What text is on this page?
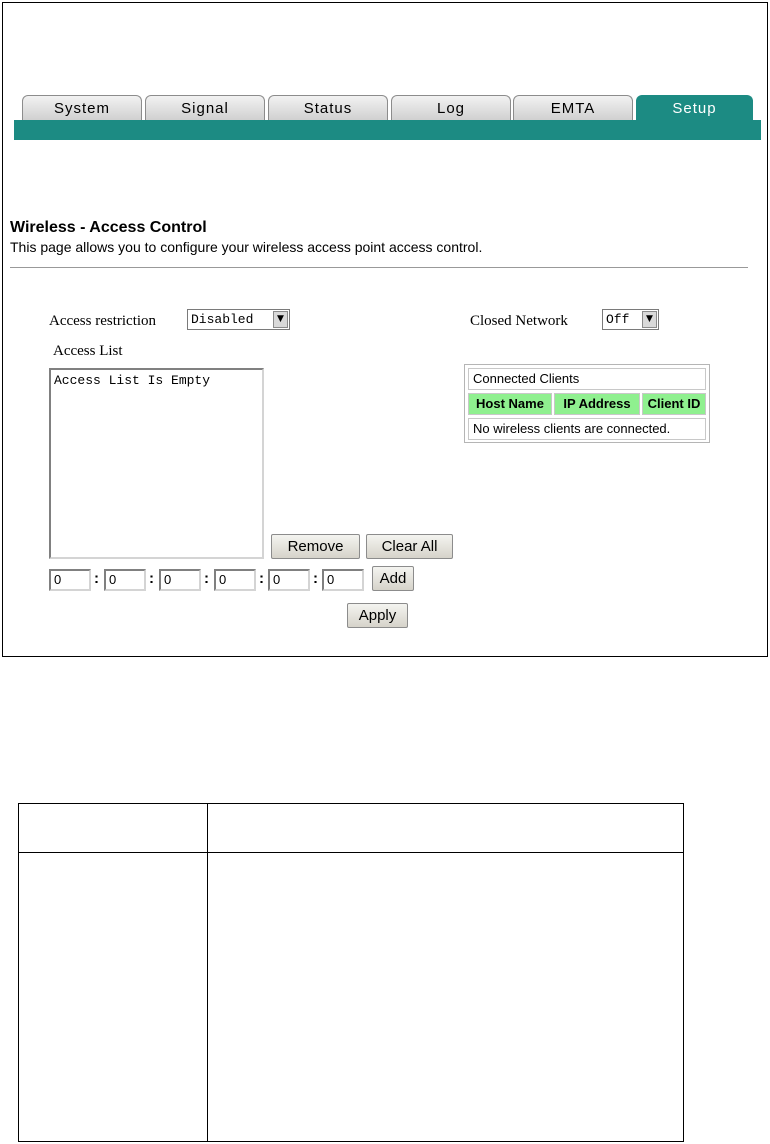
System	Signal	Status	Log	EMTA	Setup
Wireless - Access Control
This page allows you to configure your wireless access point access control.
Access restriction	Disabled	▼	Closed Network	Off	▼
Access List
Access List Is Empty
Remove	Clear All
0	: 0	: 0	: 0	: 0	: 0	Add
Apply
Connected Clients
Host Name	IP Address	Client ID
No wireless clients are connected.
